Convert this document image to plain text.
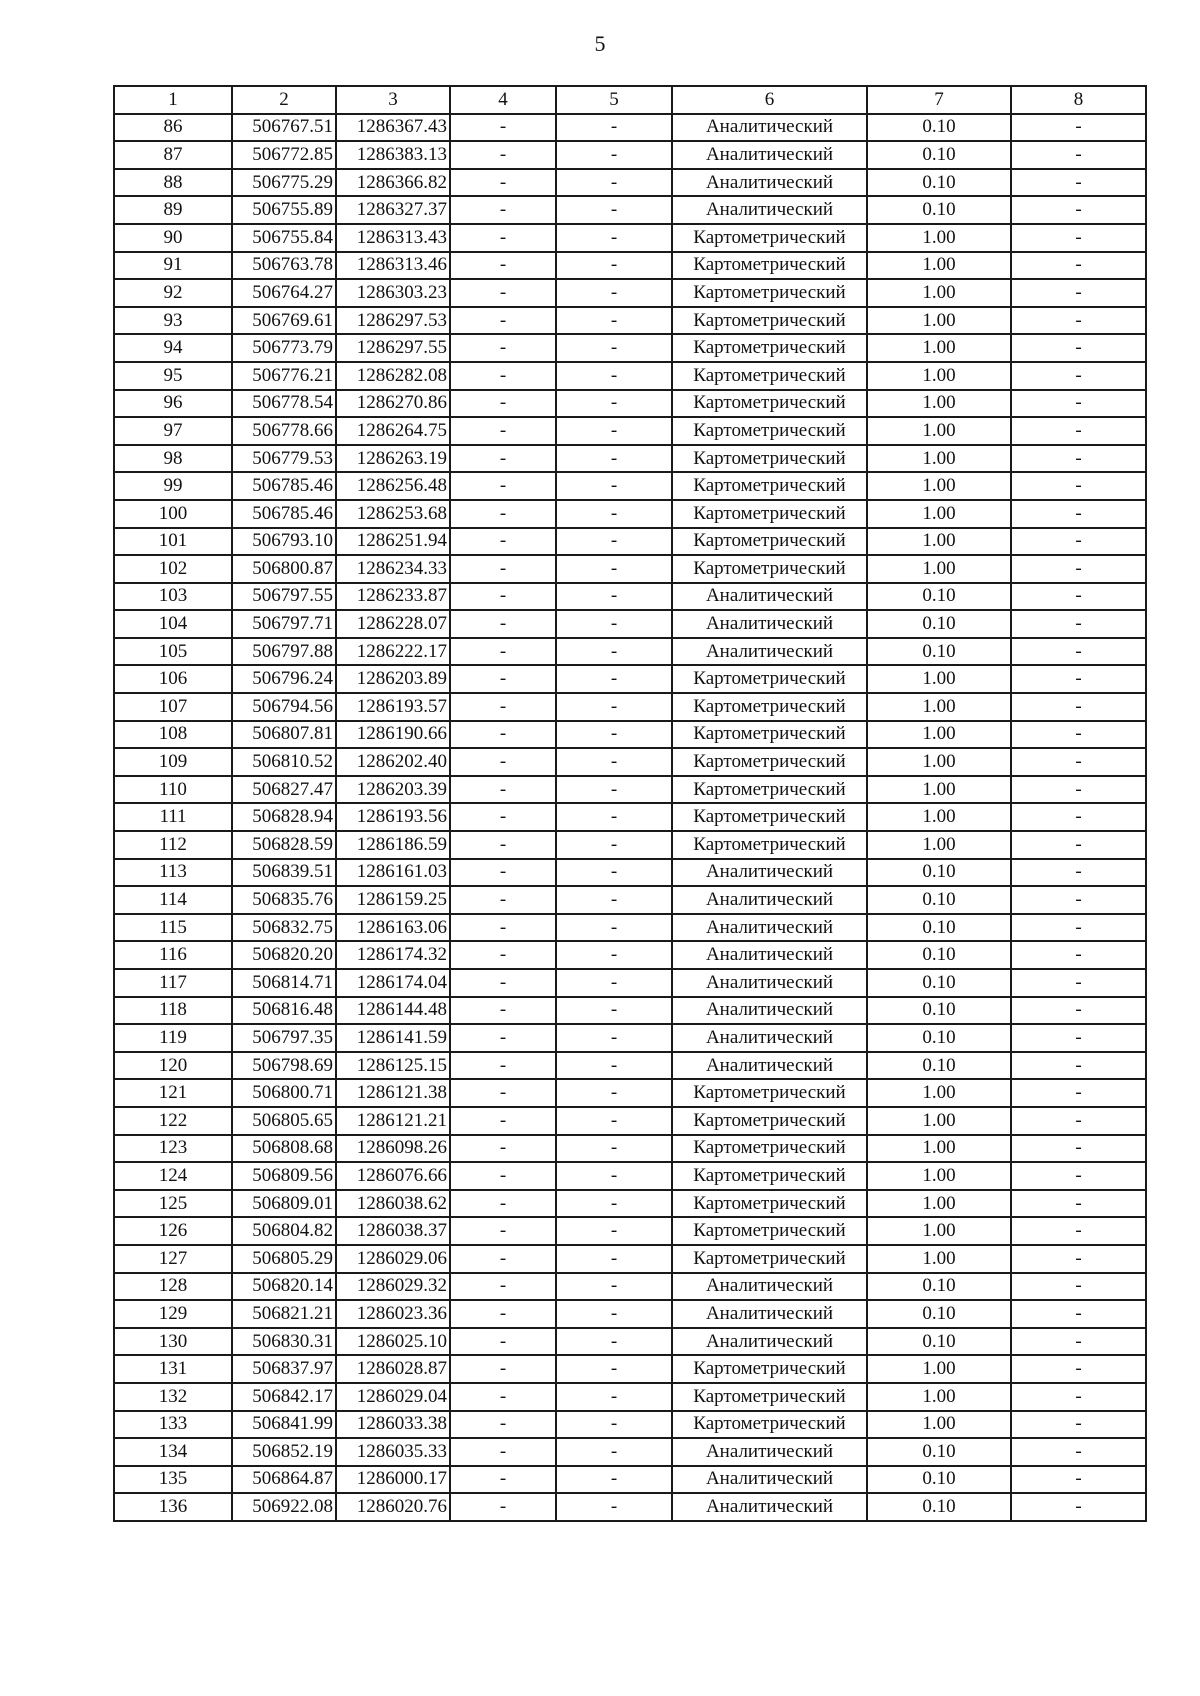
5
1	2	3	4	5	6	7	8
86	506767.51	1286367.43	-	-	Аналитический	0.10	-
87	506772.85	1286383.13	-	-	Аналитический	0.10	-
88	506775.29	1286366.82	-	-	Аналитический	0.10	-
89	506755.89	1286327.37	-	-	Аналитический	0.10	-
90	506755.84	1286313.43	-	-	Картометрический	1.00	-
91	506763.78	1286313.46	-	-	Картометрический	1.00	-
92	506764.27	1286303.23	-	-	Картометрический	1.00	-
93	506769.61	1286297.53	-	-	Картометрический	1.00	-
94	506773.79	1286297.55	-	-	Картометрический	1.00	-
95	506776.21	1286282.08	-	-	Картометрический	1.00	-
96	506778.54	1286270.86	-	-	Картометрический	1.00	-
97	506778.66	1286264.75	-	-	Картометрический	1.00	-
98	506779.53	1286263.19	-	-	Картометрический	1.00	-
99	506785.46	1286256.48	-	-	Картометрический	1.00	-
100	506785.46	1286253.68	-	-	Картометрический	1.00	-
101	506793.10	1286251.94	-	-	Картометрический	1.00	-
102	506800.87	1286234.33	-	-	Картометрический	1.00	-
103	506797.55	1286233.87	-	-	Аналитический	0.10	-
104	506797.71	1286228.07	-	-	Аналитический	0.10	-
105	506797.88	1286222.17	-	-	Аналитический	0.10	-
106	506796.24	1286203.89	-	-	Картометрический	1.00	-
107	506794.56	1286193.57	-	-	Картометрический	1.00	-
108	506807.81	1286190.66	-	-	Картометрический	1.00	-
109	506810.52	1286202.40	-	-	Картометрический	1.00	-
110	506827.47	1286203.39	-	-	Картометрический	1.00	-
111	506828.94	1286193.56	-	-	Картометрический	1.00	-
112	506828.59	1286186.59	-	-	Картометрический	1.00	-
113	506839.51	1286161.03	-	-	Аналитический	0.10	-
114	506835.76	1286159.25	-	-	Аналитический	0.10	-
115	506832.75	1286163.06	-	-	Аналитический	0.10	-
116	506820.20	1286174.32	-	-	Аналитический	0.10	-
117	506814.71	1286174.04	-	-	Аналитический	0.10	-
118	506816.48	1286144.48	-	-	Аналитический	0.10	-
119	506797.35	1286141.59	-	-	Аналитический	0.10	-
120	506798.69	1286125.15	-	-	Аналитический	0.10	-
121	506800.71	1286121.38	-	-	Картометрический	1.00	-
122	506805.65	1286121.21	-	-	Картометрический	1.00	-
123	506808.68	1286098.26	-	-	Картометрический	1.00	-
124	506809.56	1286076.66	-	-	Картометрический	1.00	-
125	506809.01	1286038.62	-	-	Картометрический	1.00	-
126	506804.82	1286038.37	-	-	Картометрический	1.00	-
127	506805.29	1286029.06	-	-	Картометрический	1.00	-
128	506820.14	1286029.32	-	-	Аналитический	0.10	-
129	506821.21	1286023.36	-	-	Аналитический	0.10	-
130	506830.31	1286025.10	-	-	Аналитический	0.10	-
131	506837.97	1286028.87	-	-	Картометрический	1.00	-
132	506842.17	1286029.04	-	-	Картометрический	1.00	-
133	506841.99	1286033.38	-	-	Картометрический	1.00	-
134	506852.19	1286035.33	-	-	Аналитический	0.10	-
135	506864.87	1286000.17	-	-	Аналитический	0.10	-
136	506922.08	1286020.76	-	-	Аналитический	0.10	-
